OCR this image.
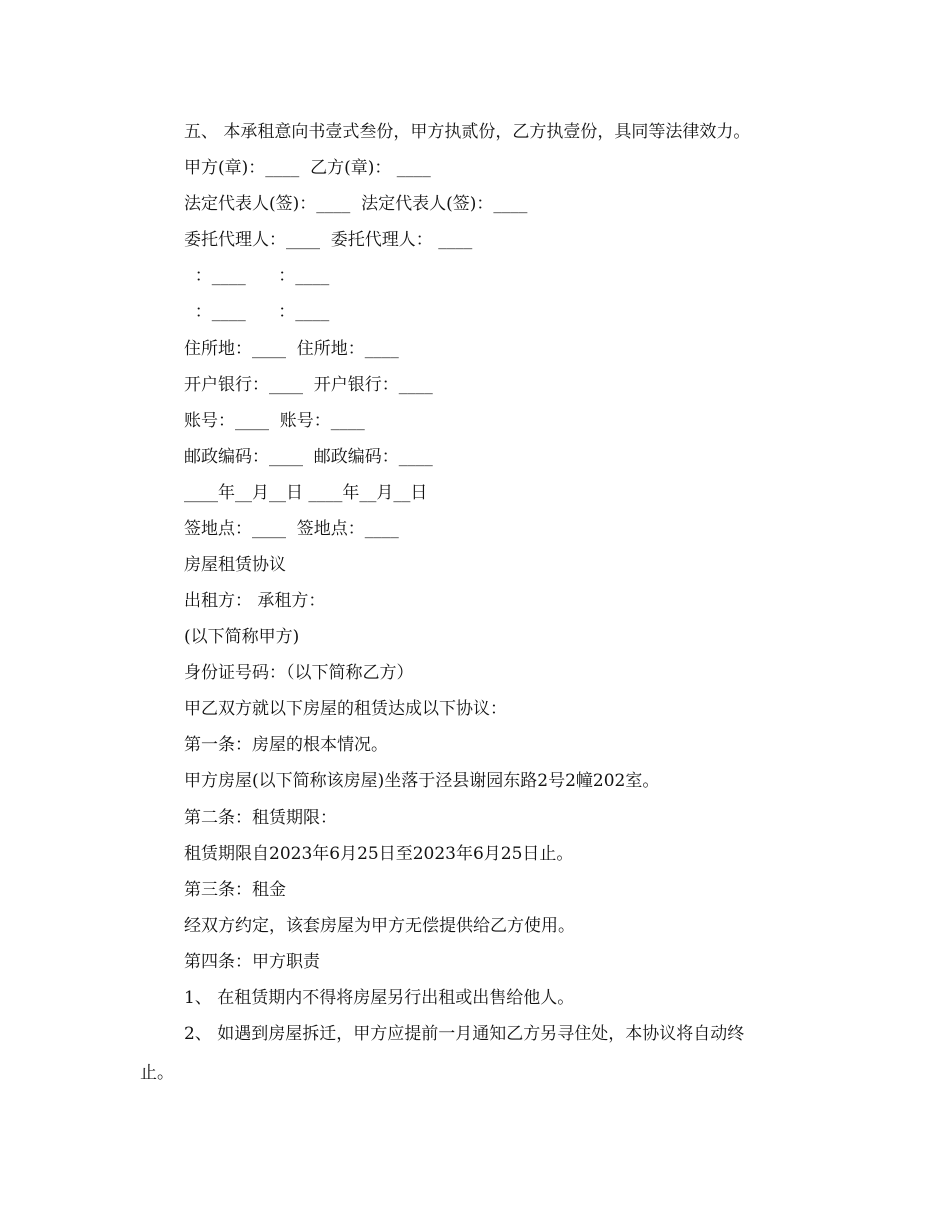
五、 本承租意向书壹式叁份，甲方执贰份，乙方执壹份，具同等法律效力。
甲方(章)：____  乙方(章)： ____
法定代表人(签)：____  法定代表人(签)：____
委托代理人：____  委托代理人： ____
：____      ：____
：____      ：____
住所地：____  住所地：____
开户银行：____  开户银行：____
账号：____  账号：____
邮政编码：____  邮政编码：____
____年__月__日 ____年__月__日
签地点：____  签地点：____
房屋租赁协议
出租方： 承租方：
(以下简称甲方)
身份证号码：（以下简称乙方）
甲乙双方就以下房屋的租赁达成以下协议：
第一条：房屋的根本情况。
甲方房屋(以下简称该房屋)坐落于泾县谢园东路2号2幢202室。
第二条：租赁期限：
租赁期限自2023年6月25日至2023年6月25日止。
第三条：租金
经双方约定，该套房屋为甲方无偿提供给乙方使用。
第四条：甲方职责
1、 在租赁期内不得将房屋另行出租或出售给他人。
2、 如遇到房屋拆迁，甲方应提前一月通知乙方另寻住处，本协议将自动终
止。
